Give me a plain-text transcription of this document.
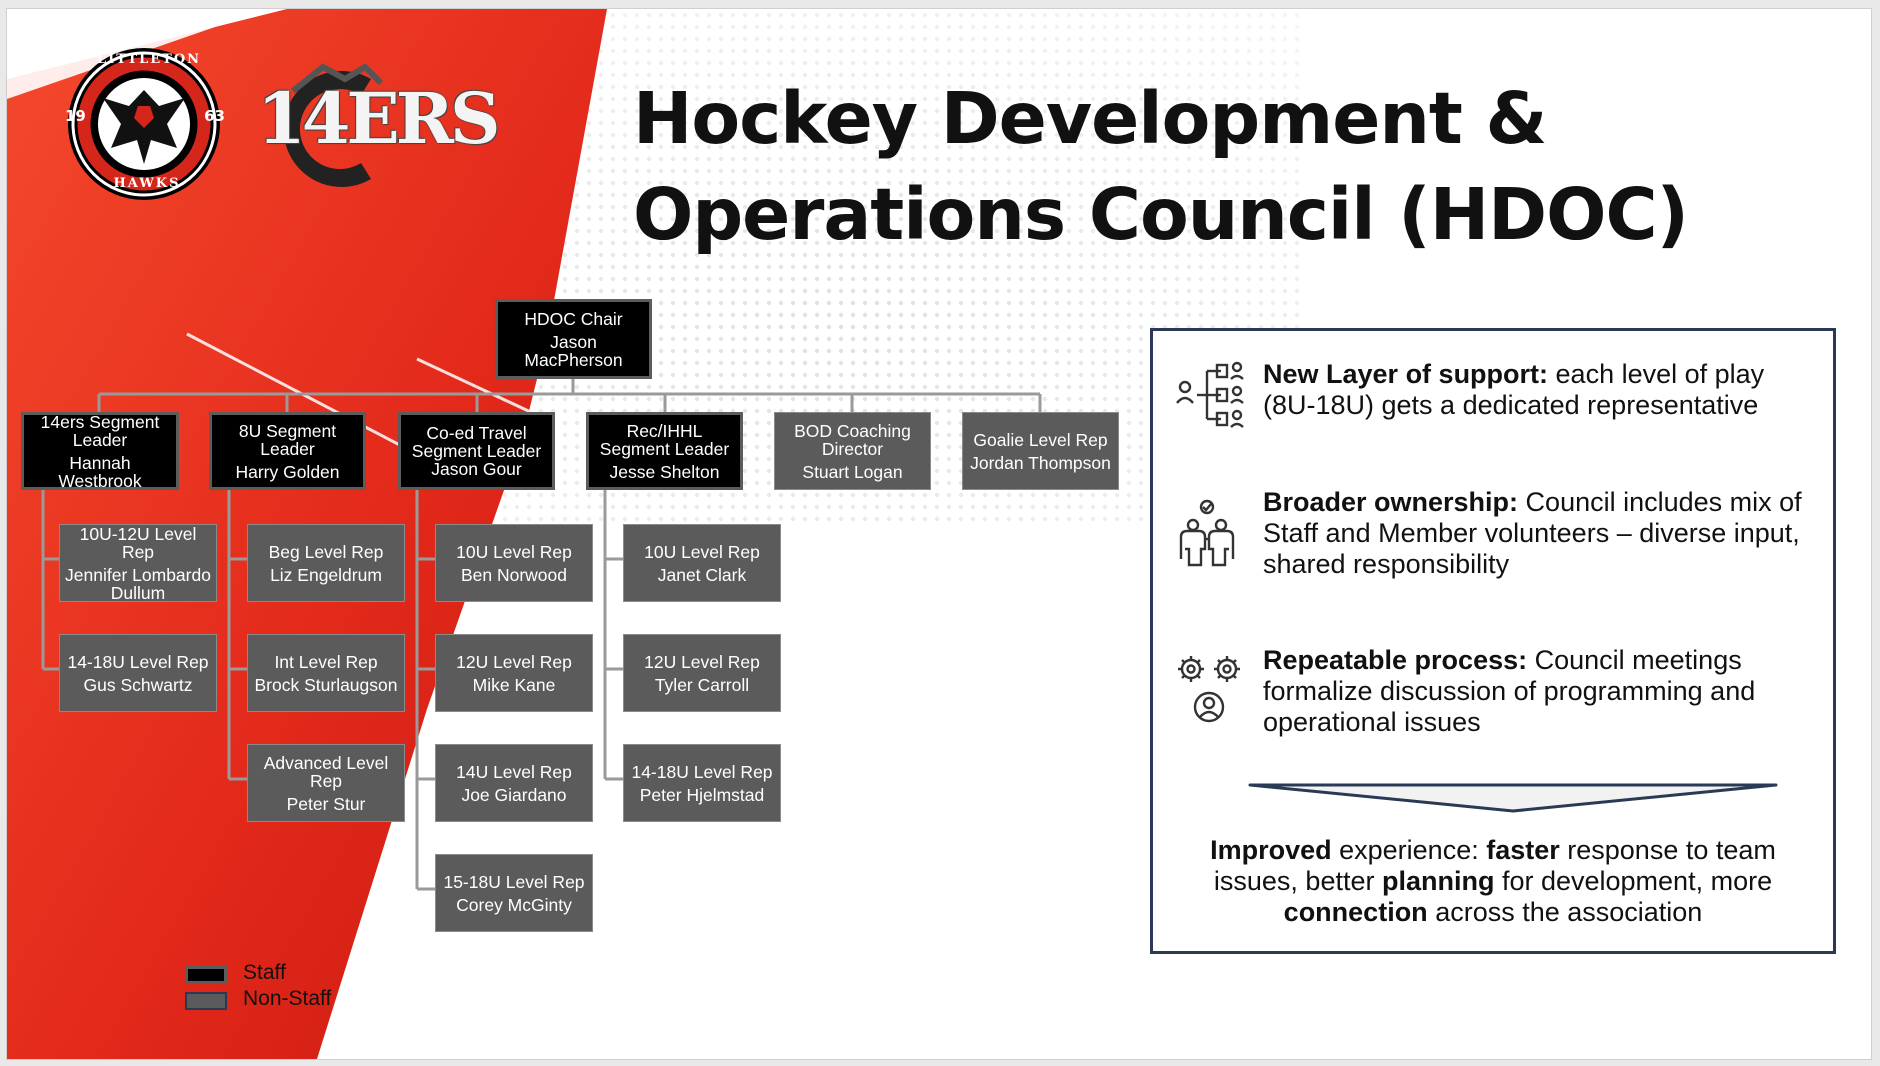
19	63
LITTLETON
HAWKS
14ERS Hockey Development &
Operations Council (HDOC)
HDOC Chair
Jason MacPherson
14ers Segment Leader
Hannah Westbrook
8U Segment Leader
Harry Golden
Co-ed Travel Segment Leader
Jason Gour
Rec/IHHL Segment Leader
Jesse Shelton
BOD Coaching Director
Stuart Logan
Goalie Level Rep
Jordan Thompson
10U-12U Level Rep
Jennifer Lombardo Dullum
14-18U Level Rep
Gus Schwartz
Beg Level Rep
Liz Engeldrum
Int Level Rep
Brock Sturlaugson
Advanced Level Rep
Peter Stur
10U Level Rep
Ben Norwood
12U Level Rep
Mike Kane
14U Level Rep
Joe Giardano
15-18U Level Rep
Corey McGinty
10U Level Rep
Janet Clark
12U Level Rep
Tyler Carroll
14-18U Level Rep
Peter Hjelmstad
Staff
Non-Staff
New Layer of support: each level of play (8U-18U) gets a dedicated representative
Broader ownership: Council includes mix of Staff and Member volunteers – diverse input, shared responsibility
Repeatable process: Council meetings formalize discussion of programming and operational issues
Improved experience: faster response to team issues, better planning for development, more connection across the association
